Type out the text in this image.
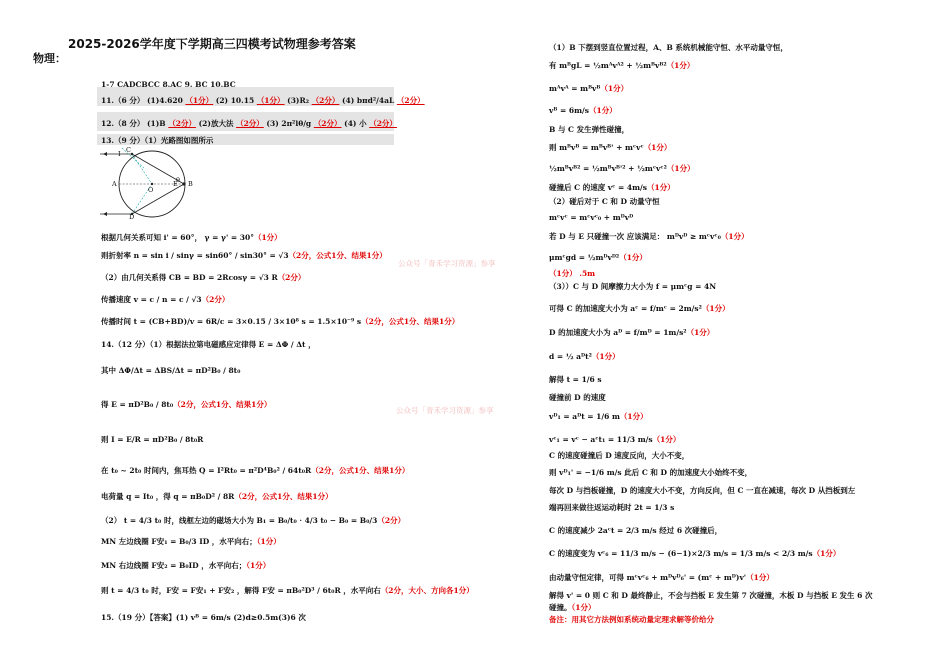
2025-2026学年度下学期高三四模考试物理参考答案
物理：
1-7 CADCBCC 8.AC 9. BC 10.BC
11.（6 分） (1)4.620 （1分） (2) 10.15 （1分） (3)R₂ （2分） (4) bπd²/4aL （2分）
12.（8 分） (1)B （2分） (2)放大法 （2分） (3) 2π²lθ/g （2分） (4) 小 （2分）
13.（9 分）（1）光路图如图所示
I C
O
A	B
E
D
θ
根据几何关系可知 i' = 60°， γ = γ' = 30°（1分）
则折射率 n = sin i / sinγ = sin60° / sin30° = √3（2分，公式1分、结果1分）
（2）由几何关系得 CB = BD = 2Rcosγ = √3 R（2分）
传播速度 v = c / n = c / √3（2分）
传播时间 t = (CB+BD)/v = 6R/c = 3×0.15 / 3×10⁸ s = 1.5×10⁻⁹ s（2分，公式1分、结果1分）
14.（12 分）（1）根据法拉第电磁感应定律得 E = ΔΦ / Δt ，
其中 ΔΦ/Δt = ΔBS/Δt = πD²B₀ / 8t₀
得 E = πD²B₀ / 8t₀（2分，公式1分、结果1分）
则 I = E/R = πD²B₀ / 8t₀R
在 t₀ ~ 2t₀ 时间内，焦耳热 Q = I²Rt₀ = π²D⁴B₀² / 64t₀R（2分，公式1分、结果1分）
电荷量 q = It₀ ，得 q = πB₀D² / 8R（2分，公式1分、结果1分）
（2） t = 4/3 t₀ 时，线框左边的磁场大小为 B₁ = B₀/t₀ · 4/3 t₀ − B₀ = B₀/3（2分）
MN 左边线圈 F安₁ = B₀/3 ID ，水平向右；（1分）
MN 右边线圈 F安₂ = B₀ID ，水平向右；（1分）
则 t = 4/3 t₀ 时，F安 = F安₁ + F安₂ ，解得 F安 = πB₀²D³ / 6t₀R ，水平向右（2分，大小、方向各1分）
15.（19 分）【答案】(1) vᴮ = 6m/s (2)d≥0.5m(3)6 次
公众号「青禾学习资源」参享
公众号「青禾学习资源」参享
（1）B 下摆到竖直位置过程，A、B 系统机械能守恒、水平动量守恒，
有 mᴮgL = ½mᴬvᴬ² + ½mᴮvᴮ²（1分）
mᴬvᴬ = mᴮvᴮ（1分）
vᴮ = 6m/s（1分）
B 与 C 发生弹性碰撞，
则 mᴮvᴮ = mᴮvᴮ' + mᶜvᶜ（1分）
½mᴮvᴮ² = ½mᴮvᴮ'² + ½mᶜvᶜ²（1分）
碰撞后 C 的速度 vᶜ = 4m/s（1分）
（2）碰后对于 C 和 D 动量守恒
mᶜvᶜ = mᶜvᶜ₀ + mᴰvᴰ
若 D 与 E 只碰撞一次 应该满足： mᴰvᴰ ≥ mᶜvᶜ₀（1分）
μmᶜgd = ½mᴰvᴰ²（1分）
（1分） .5m
（3））C 与 D 间摩擦力大小为 f = μmᶜg = 4N
可得 C 的加速度大小为 aᶜ = f/mᶜ = 2m/s²（1分）
D 的加速度大小为 aᴰ = f/mᴰ = 1m/s²（1分）
d = ½ aᴰt²（1分）
解得 t = 1/6 s
碰撞前 D 的速度
vᴰ₁ = aᴰt = 1/6 m（1分）
vᶜ₁ = vᶜ − aᶜt₁ = 11/3 m/s（1分）
C 的速度碰撞后 D 速度反向，大小不变，
则 vᴰ₁' = −1/6 m/s 此后 C 和 D 的加速度大小始终不变，
每次 D 与挡板碰撞，D 的速度大小不变，方向反向，但 C 一直在减速，每次 D 从挡板到左
端再回来做往返运动耗时 2t = 1/3 s
C 的速度减少 2aᶜt = 2/3 m/s 经过 6 次碰撞后，
C 的速度变为 vᶜ₆ = 11/3 m/s − (6−1)×2/3 m/s = 1/3 m/s < 2/3 m/s（1分）
由动量守恒定律，可得 mᶜvᶜ₆ + mᴰvᴰ₆' = (mᶜ + mᴰ)v'（1分）
解得 v' = 0 则 C 和 D 最终静止，不会与挡板 E 发生第 7 次碰撞，木板 D 与挡板 E 发生 6 次
碰撞。（1分）
备注：用其它方法例如系统动量定理求解等价给分
